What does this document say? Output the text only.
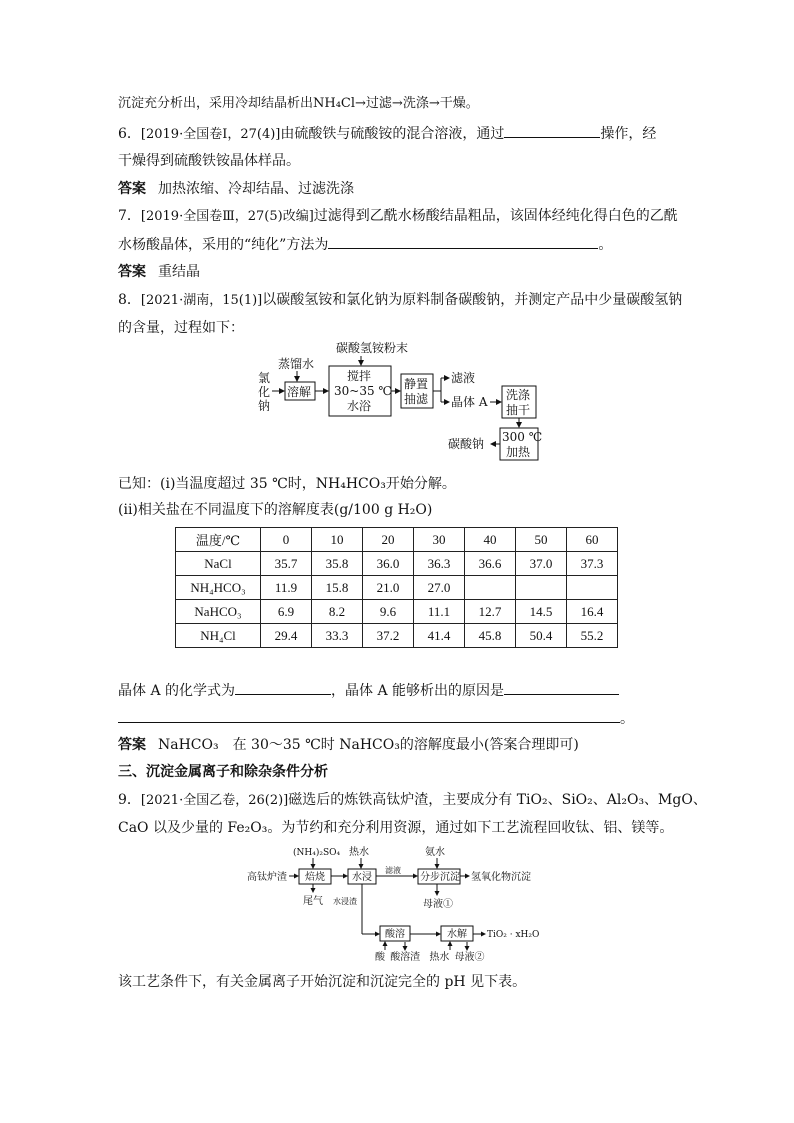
沉淀充分析出，采用冷却结晶析出NH₄Cl→过滤→洗涤→干燥。
6．[2019·全国卷Ⅰ，27(4)]由硫酸铁与硫酸铵的混合溶液，通过	操作，经
干燥得到硫酸铁铵晶体样品。
答案 加热浓缩、冷却结晶、过滤洗涤
7．[2019·全国卷Ⅲ，27(5)改编]过滤得到乙酰水杨酸结晶粗品，该固体经纯化得白色的乙酰
水杨酸晶体，采用的“纯化”方法为	。
答案 重结晶
8．[2021·湖南，15(1)]以碳酸氢铵和氯化钠为原料制备碳酸钠，并测定产品中少量碳酸氢钠
的含量，过程如下：
氯
化
钠
蒸馏水
溶解
碳酸氢铵粉末
搅拌
30~35 ℃
水浴
静置
抽滤
滤液
晶体 A 洗涤
抽干
300 ℃
加热
碳酸钠
已知：(i)当温度超过 35 ℃时，NH₄HCO₃开始分解。
(ii)相关盐在不同温度下的溶解度表(g/100 g H₂O)
温度/℃	0	10	20	30	40	50	60
NaCl	35.7	35.8	36.0	36.3	36.6	37.0	37.3
NH₄HCO₃	11.9	15.8	21.0	27.0			
NaHCO₃	6.9	8.2	9.6	11.1	12.7	14.5	16.4
NH₄Cl	29.4	33.3	37.2	41.4	45.8	50.4	55.2
晶体 A 的化学式为	，晶体 A 能够析出的原因是
。
答案 NaHCO₃　在 30～35 ℃时 NaHCO₃的溶解度最小(答案合理即可)
三、沉淀金属离子和除杂条件分析
9．[2021·全国乙卷，26(2)]磁选后的炼铁高钛炉渣，主要成分有 TiO₂、SiO₂、Al₂O₃、MgO、
CaO 以及少量的 Fe₂O₃。为节约和充分利用资源，通过如下工艺流程回收钛、铝、镁等。
高钛炉渣
(NH₄)₂SO₄
焙烧
尾气
热水
水浸
滤液
氨水
分步沉淀 氢氧化物沉淀
母液①
水浸渣
酸溶	水解 TiO₂ · xH₂O
酸 酸溶渣 热水 母液②
该工艺条件下，有关金属离子开始沉淀和沉淀完全的 pH 见下表。
